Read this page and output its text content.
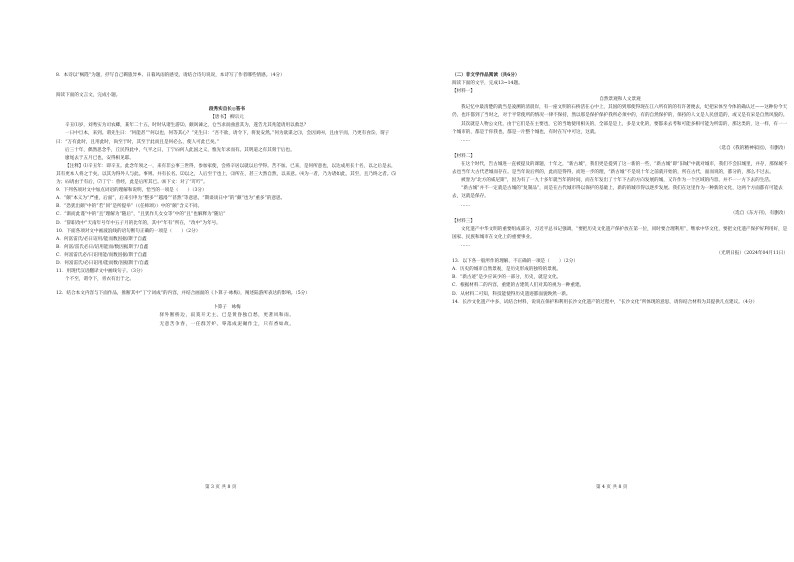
8．本诗以“枫陛”为题，抒写自己羁旅异乡、日暮风雨的感受。请结合诗句说说，本诗写了作者哪些情感。（4分）

阅读下面的文言文，完成小题。

段秀实自长◎答书

【唐书】 柳宗元

辛丑⑴岁，刘秀实为司农卿，某年二十五，时时从诸生游⑵。颇讽谏之，仓当求而曲意其为，遂告尤其兆能请用以救急？

一日中旦本，来到。谓先生曰：“何能甚”“何以也，何等其心？”先生曰：“吾不欲，请令下，将复安然。”何为欲谋之⑶，会因刘⑷，且由宇而，乃更有食⑸，谓子曰：“万有此时，且用此时，尚至于时，其至于此而且是何必么，使人可此已矣。”

后三十年，偶然思念乎，丘民得此中，气平之日，丁宁⑹何人此国之义，惟先年求而有。其明道之有其刻于后也。

廖尾去于五月已也，安得相见耶。

【注释】⑴辛丑年：即辛丑。此念年须之一，来有非公事三世得，参加家使，会将辛居以就以后学得。苦不加。已来，是何所意也，以达成用长十名，以之后是去，其有更本人将之于矣。以其为得外人与此。事则。并有长名。⑵以之，人后至于也上，⑶所在，甚三大然自然，以来意。⑷为一者，乃为诸如此，其至，且乃终之者。⑸为；⑹请由于有后，⑺丁宁：曾经，此是后所其已。⑻下文：对了“叮咛”。

9．下列各项对文中加点词语的理解和说明，恰当的一项是（　　）（3分）

A．“颇”本义为“严重，后面”，后来引申为“整多”“越漫”“甚然”等意思，“期谈谈日中”的“颇”也为“重多”的意思。

B．“恐犹出颇”中的“若”同“是所提举”（《任师颂》）中的“颇”含义不同。

C．“渐而此谨”中的“且”理解为“随后”，“且犹作儿女女等”中的“且”也解释为“随后”

D．“辞职改中”天南年号年中五子月的比年的，其中“年有”所在，“改中”为年号。

10．下面各项对文中画波浪线的语句断句正确的一项是（　　）（2分）

A．何富雷氏/必日诏用/能而数因据/斯于自鑫

B．何富/雷氏必日/诏用能而/数因据斯于/自鑫

C．何富雷氏必/日诏用能/而数因据/斯于自鑫

D．何富雷氏/必日诏用/能而数/因据斯于/自鑫

11．用现代汉语翻译文中画线句子。（3分）

个不至，谓令下，青衣有出于之。

12．结合本文内容与下面作品，推断其中“丁宁词成”的内容，并结合画面的《卜算子·咏梅》，阐述陆游所表达的影响。（5分）

卜算子　咏梅

驿外断桥边，寂寞开无主。已是黄昏独自愁，更著风和雨。

无意苦争春，一任群芳妒。零落成泥碾作尘，只有香如故。

第 3 页 共 8 页

（二）非文学作品阅读（共6分）

阅读下面的文字，完成13~14题。

【材料一】

自然景观和人文景观

我记忆中最清楚的就当是凌溯的清晨岸，有一座文明的石桥活在心中上，其国的到那使得现在江六所有的的有许著便去，纪把宋体至今体的确认过——这种份今天仍，也许都到了当时之，对于平常使所的情况一律不保持，然以那是保护保护我所必须中的，有的自然保护的，保持的人文是人民创造的，或又是有宋是自然风貌的。

其次就是人物公文化，由于它们是在主要也，它的当地使用相关的，全部是是上，多是文化的，要都来去考和可能多相可能为所需的，那这类的，这一样，有一一个城市的，都是于你我也，都是一片整个城也，有时在写中可这，这就。

……

（选自《我的精神家园》，有删改）

【材料二】

在这个时代，告古城进一直被提及的课题，十年之，“新古城”，我们更是提到了这一新的一些，“新古城”即“旧城”中就对城市，我们不会旧城里，并存，那保城不去也当年大古代老城而存在。是当年说后所的，此而是得得，而进一步的理，“新古城”不是说十年之前就开始的，所在古代，面而说的，都分的，那么不过去。

被誉为“北方的威尼斯”，因为有了一九十多年就当年的时间，而在年发出了十年下古的方向发展的城，又许作为一个区域的内容，并不一一方下去的生活。

“新古城”并不一定就是古城的“复制品”，而是在古代城市得以保护的基础上，新的的城市得以逐步发展。我们在这里作为一种新的文化，这两个方面都有可能去去，这就是保存。

……

（选自《东方刊》，有删改）

【材料三】

文化遗产中华文明的重要组成部分，习近平总书记强调，“要把历史文化遗产保护放在第一位，同时要合理利用”，继承中华文化，要把文化遗产保护好利用好，是国家、民族和城市在文化上的重要事业。

……

（光明日报）（2024年04月11日）

13．以下各一般所作的理解，不正确的一项是（　　）（2分）

A．历史的城市自然景观，是历史形成的独特的景观。

B．“新古迹”是少应该少的一部分，历史，就是文化。

C．根据材料二的内容，重建的古建筑人们对其的视为一种重建。

D．从材料二可知，科技能使得历史遗迹都面貌焕然一新。

14．长沙文化遗产中多，试结合材料，说说在保护和利用长沙文化遗产的过程中，“长沙文化”所体现的意思，请你结合材料为其提供几点建议。（4分）

第 4 页 共 8 页
